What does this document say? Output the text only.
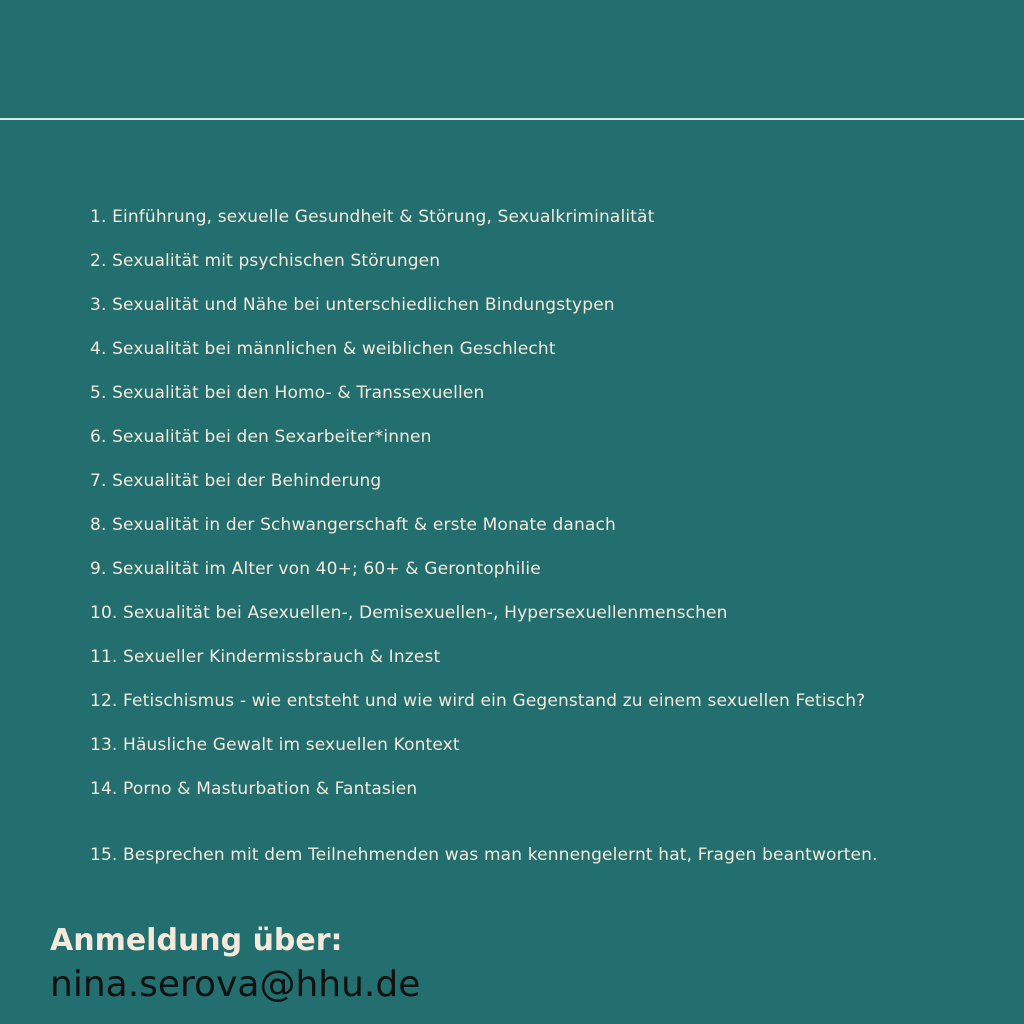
1. Einführung, sexuelle Gesundheit & Störung, Sexualkriminalität
2. Sexualität mit psychischen Störungen
3. Sexualität und Nähe bei unterschiedlichen Bindungstypen
4. Sexualität bei männlichen & weiblichen Geschlecht
5. Sexualität bei den Homo- & Transsexuellen
6. Sexualität bei den Sexarbeiter*innen
7. Sexualität bei der Behinderung
8. Sexualität in der Schwangerschaft & erste Monate danach
9. Sexualität im Alter von 40+; 60+ & Gerontophilie
10. Sexualität bei Asexuellen-, Demisexuellen-, Hypersexuellenmenschen
11. Sexueller Kindermissbrauch & Inzest
12. Fetischismus - wie entsteht und wie wird ein Gegenstand zu einem sexuellen Fetisch?
13. Häusliche Gewalt im sexuellen Kontext
14. Porno & Masturbation & Fantasien
15. Besprechen mit dem Teilnehmenden was man kennengelernt hat, Fragen beantworten.
Anmeldung über:
nina.serova@hhu.de
